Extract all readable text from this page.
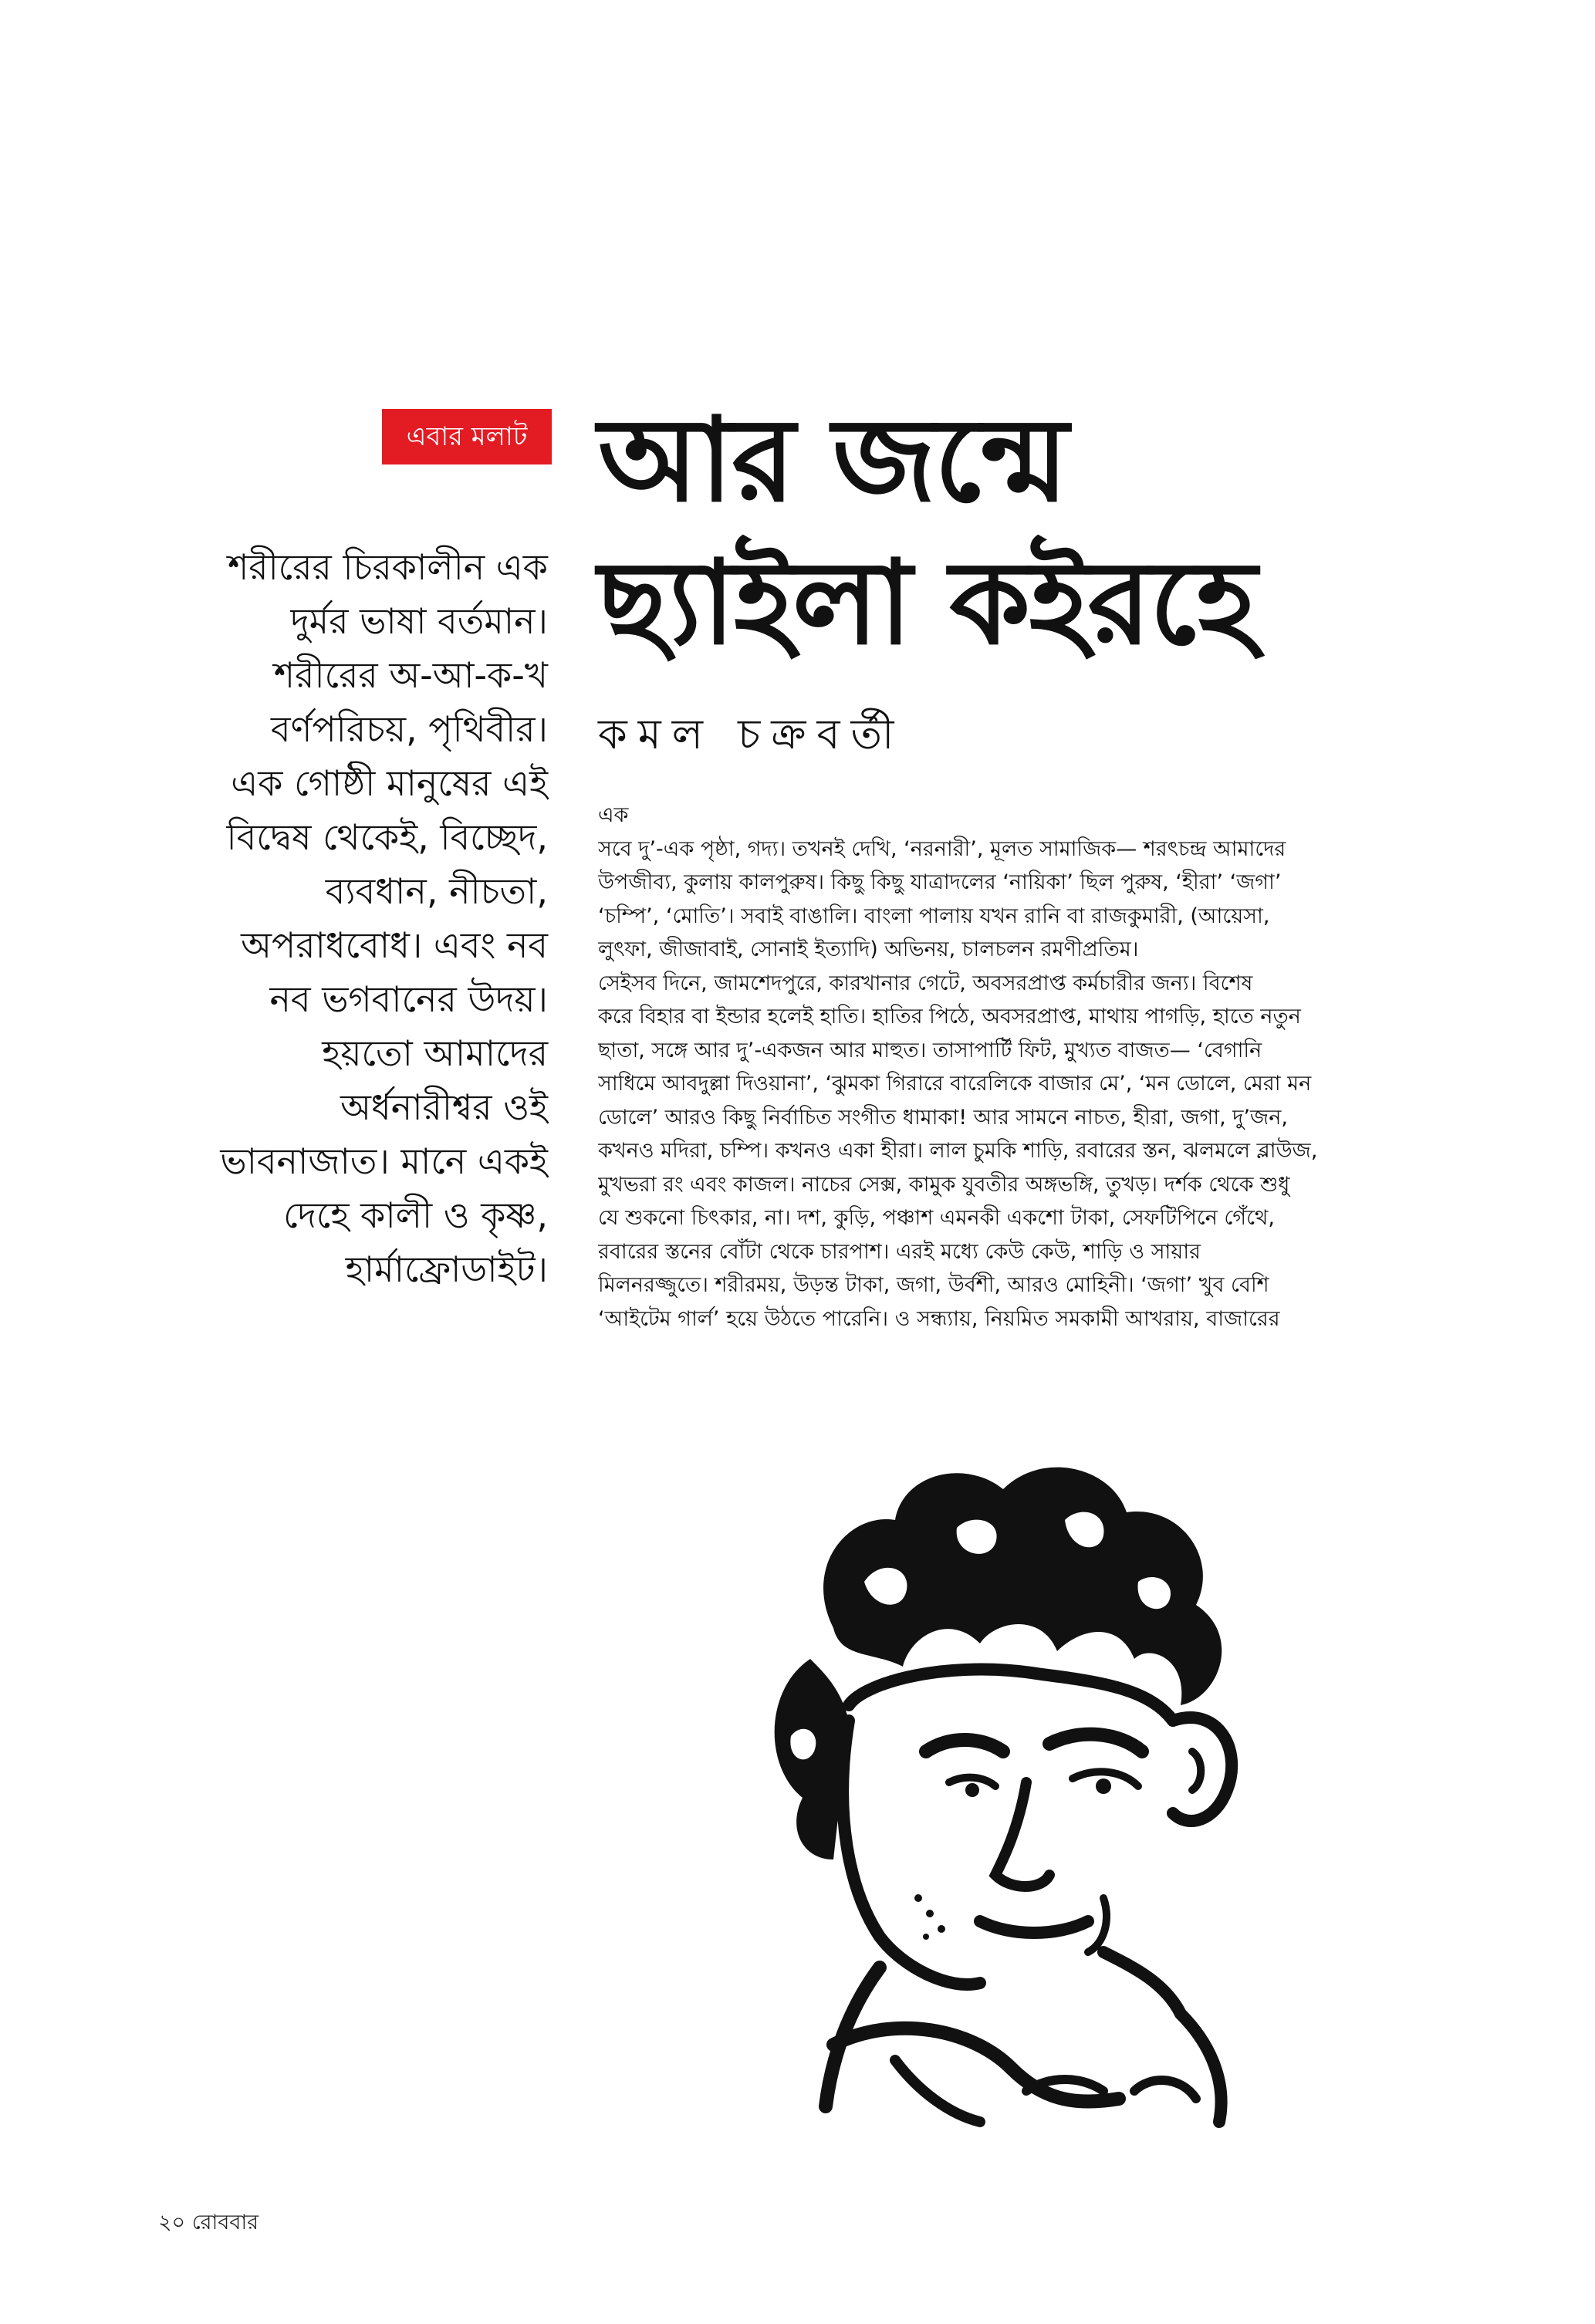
এবার মলাট আর জন্মে
ছ্যাইলা কইরহে
কমল চক্রবর্তী
শরীরের চিরকালীন এক
দুর্মর ভাষা বর্তমান।
শরীরের অ-আ-ক-খ
বর্ণপরিচয়, পৃথিবীর।
এক গোষ্ঠী মানুষের এই
বিদ্বেষ থেকেই, বিচ্ছেদ,
ব্যবধান, নীচতা,
অপরাধবোধ। এবং নব
নব ভগবানের উদয়।
হয়তো আমাদের
অর্ধনারীশ্বর ওই
ভাবনাজাত। মানে একই
দেহে কালী ও কৃষ্ণ,
হার্মাফ্রোডাইট।
এক
সবে দু’-এক পৃষ্ঠা, গদ্য। তখনই দেখি, ‘নরনারী’, মূলত সামাজিক— শরৎচন্দ্র আমাদের
উপজীব্য, কুলায় কালপুরুষ। কিছু কিছু যাত্রাদলের ‘নায়িকা’ ছিল পুরুষ, ‘হীরা’ ‘জগা’
‘চম্পি’, ‘মোতি’। সবাই বাঙালি। বাংলা পালায় যখন রানি বা রাজকুমারী, (আয়েসা,
লুৎফা, জীজাবাই, সোনাই ইত্যাদি) অভিনয়, চালচলন রমণীপ্রতিম।
সেইসব দিনে, জামশেদপুরে, কারখানার গেটে, অবসরপ্রাপ্ত কর্মচারীর জন্য। বিশেষ
করে বিহার বা ইন্ডার হলেই হাতি। হাতির পিঠে, অবসরপ্রাপ্ত, মাথায় পাগড়ি, হাতে নতুন
ছাতা, সঙ্গে আর দু’-একজন আর মাহুত। তাসাপার্টি ফিট, মুখ্যত বাজত— ‘বেগানি
সাধিমে আবদুল্লা দিওয়ানা’, ‘ঝুমকা গিরারে বারেলিকে বাজার মে’, ‘মন ডোলে, মেরা মন
ডোলে’ আরও কিছু নির্বাচিত সংগীত ধামাকা! আর সামনে নাচত, হীরা, জগা, দু’জন,
কখনও মদিরা, চম্পি। কখনও একা হীরা। লাল চুমকি শাড়ি, রবারের স্তন, ঝলমলে ব্লাউজ,
মুখভরা রং এবং কাজল। নাচের সেক্স, কামুক যুবতীর অঙ্গভঙ্গি, তুখড়। দর্শক থেকে শুধু
যে শুকনো চিৎকার, না। দশ, কুড়ি, পঞ্চাশ এমনকী একশো টাকা, সেফটিপিনে গেঁথে,
রবারের স্তনের বোঁটা থেকে চারপাশ। এরই মধ্যে কেউ কেউ, শাড়ি ও সায়ার
মিলনরজ্জুতে। শরীরময়, উড়ন্ত টাকা, জগা, উর্বশী, আরও মোহিনী। ‘জগা’ খুব বেশি
‘আইটেম গার্ল’ হয়ে উঠতে পারেনি। ও সন্ধ্যায়, নিয়মিত সমকামী আখরায়, বাজারের
২০ রোববার
